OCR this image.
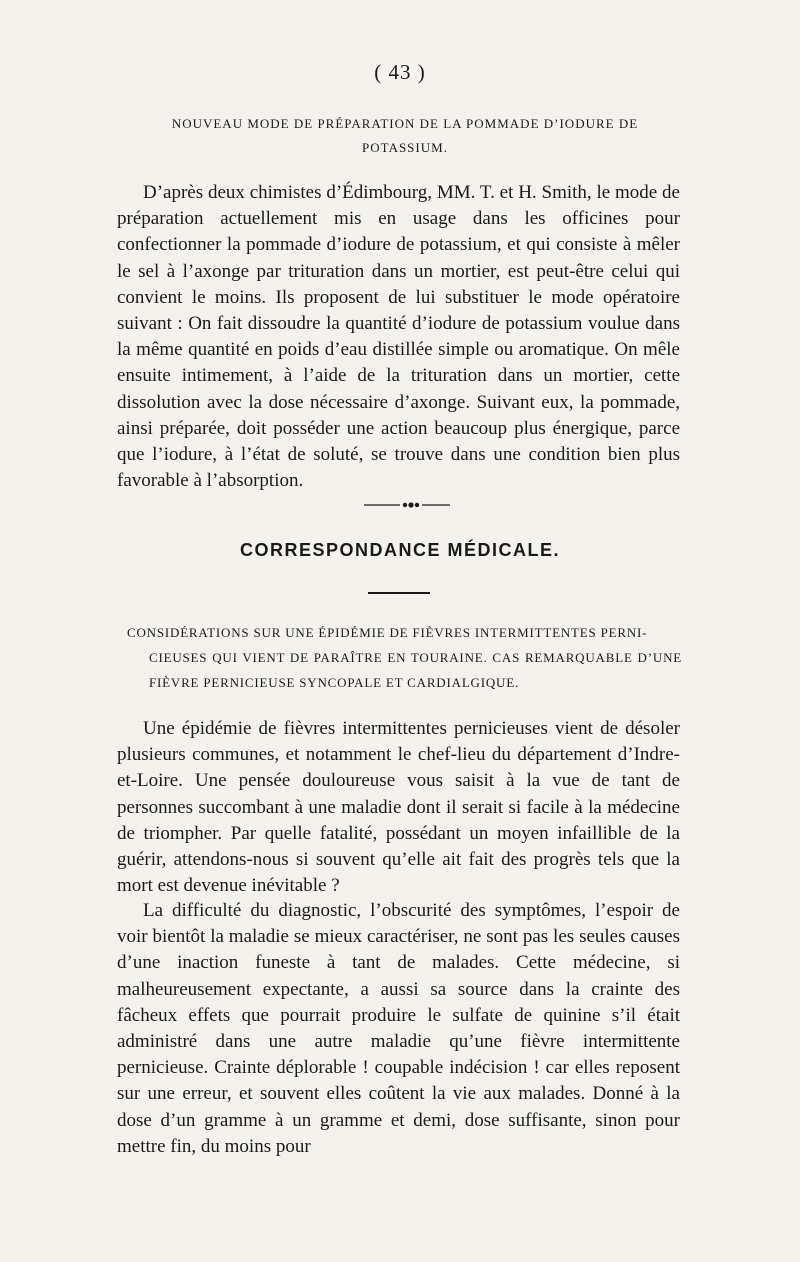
( 43 )
NOUVEAU MODE DE PRÉPARATION DE LA POMMADE D’IODURE DE POTASSIUM.
D’après deux chimistes d’Édimbourg, MM. T. et H. Smith, le mode de préparation actuellement mis en usage dans les officines pour confectionner la pommade d’iodure de potassium, et qui consiste à mêler le sel à l’axonge par trituration dans un mortier, est peut-être celui qui convient le moins. Ils proposent de lui substituer le mode opératoire suivant : On fait dissoudre la quantité d’iodure de potassium voulue dans la même quantité en poids d’eau distillée simple ou aromatique. On mêle ensuite intimement, à l’aide de la trituration dans un mortier, cette dissolution avec la dose nécessaire d’axonge. Suivant eux, la pommade, ainsi préparée, doit posséder une action beaucoup plus énergique, parce que l’iodure, à l’état de soluté, se trouve dans une condition bien plus favorable à l’absorption.
CORRESPONDANCE MÉDICALE.
CONSIDÉRATIONS SUR UNE ÉPIDÉMIE DE FIÈVRES INTERMITTENTES PERNI-
CIEUSES QUI VIENT DE PARAÎTRE EN TOURAINE. CAS REMARQUABLE D’UNE FIÈVRE PERNICIEUSE SYNCOPALE ET CARDIALGIQUE.
Une épidémie de fièvres intermittentes pernicieuses vient de désoler plusieurs communes, et notamment le chef-lieu du département d’Indre-et-Loire. Une pensée douloureuse vous saisit à la vue de tant de personnes succombant à une maladie dont il serait si facile à la médecine de triompher. Par quelle fatalité, possédant un moyen infaillible de la guérir, attendons-nous si souvent qu’elle ait fait des progrès tels que la mort est devenue inévitable ?
La difficulté du diagnostic, l’obscurité des symptômes, l’espoir de voir bientôt la maladie se mieux caractériser, ne sont pas les seules causes d’une inaction funeste à tant de malades. Cette médecine, si malheureusement expectante, a aussi sa source dans la crainte des fâcheux effets que pourrait produire le sulfate de quinine s’il était administré dans une autre maladie qu’une fièvre intermittente pernicieuse. Crainte déplorable ! coupable indécision ! car elles reposent sur une erreur, et souvent elles coûtent la vie aux malades. Donné à la dose d’un gramme à un gramme et demi, dose suffisante, sinon pour mettre fin, du moins pour
